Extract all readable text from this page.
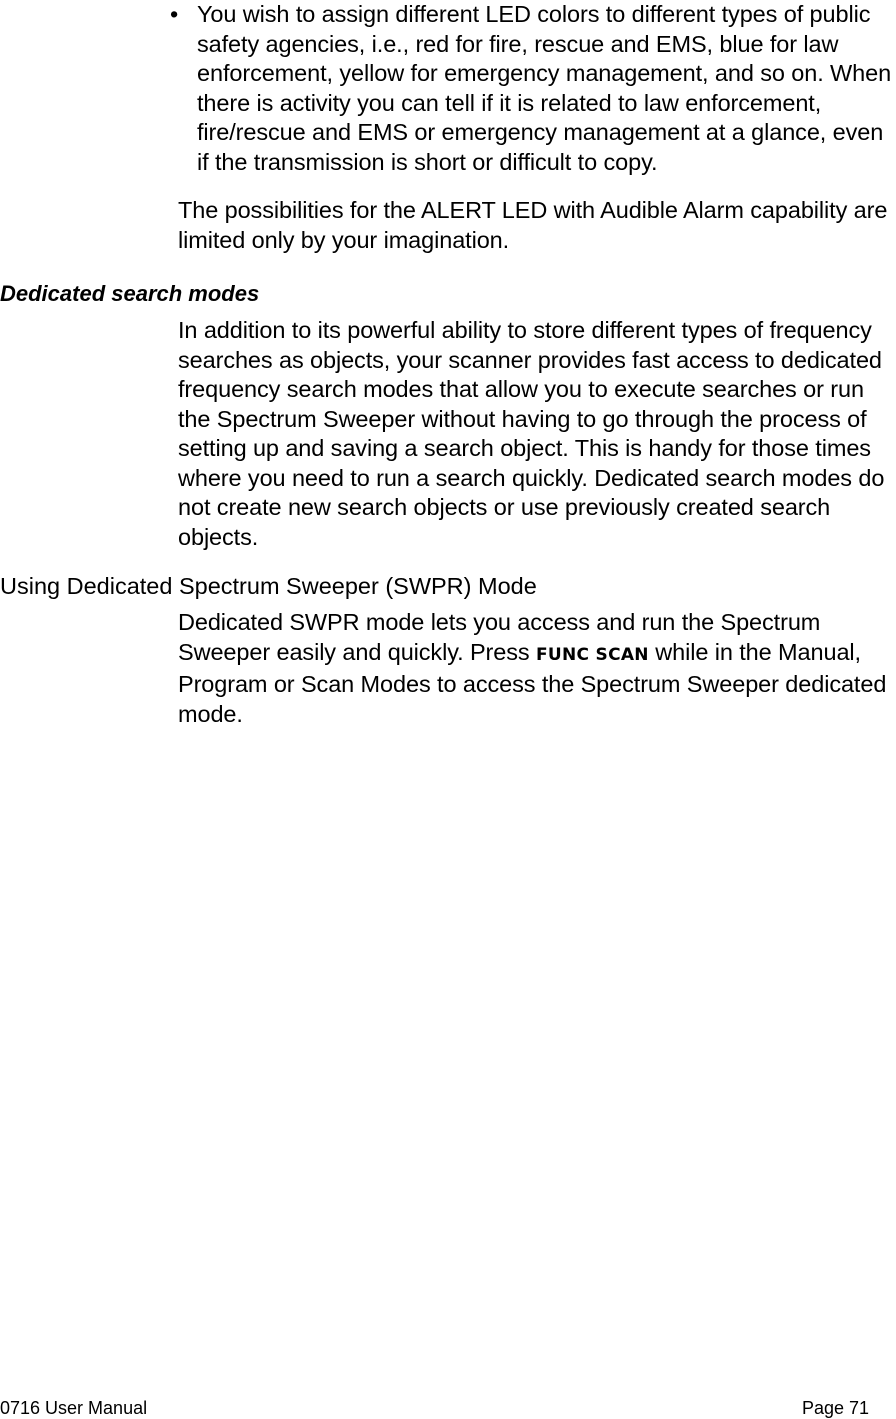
• You wish to assign different LED colors to different types of public safety agencies, i.e., red for fire, rescue and EMS, blue for law enforcement, yellow for emergency management, and so on. When there is activity you can tell if it is related to law enforcement, fire/rescue and EMS or emergency management at a glance, even if the transmission is short or difficult to copy.

The possibilities for the ALERT LED with Audible Alarm capability are limited only by your imagination.

Dedicated search modes

In addition to its powerful ability to store different types of frequency searches as objects, your scanner provides fast access to dedicated frequency search modes that allow you to execute searches or run the Spectrum Sweeper without having to go through the process of setting up and saving a search object. This is handy for those times where you need to run a search quickly. Dedicated search modes do not create new search objects or use previously created search objects.

Using Dedicated Spectrum Sweeper (SWPR) Mode

Dedicated SWPR mode lets you access and run the Spectrum Sweeper easily and quickly. Press FUNC SCAN while in the Manual, Program or Scan Modes to access the Spectrum Sweeper dedicated mode.

0716 User Manual	Page 71
